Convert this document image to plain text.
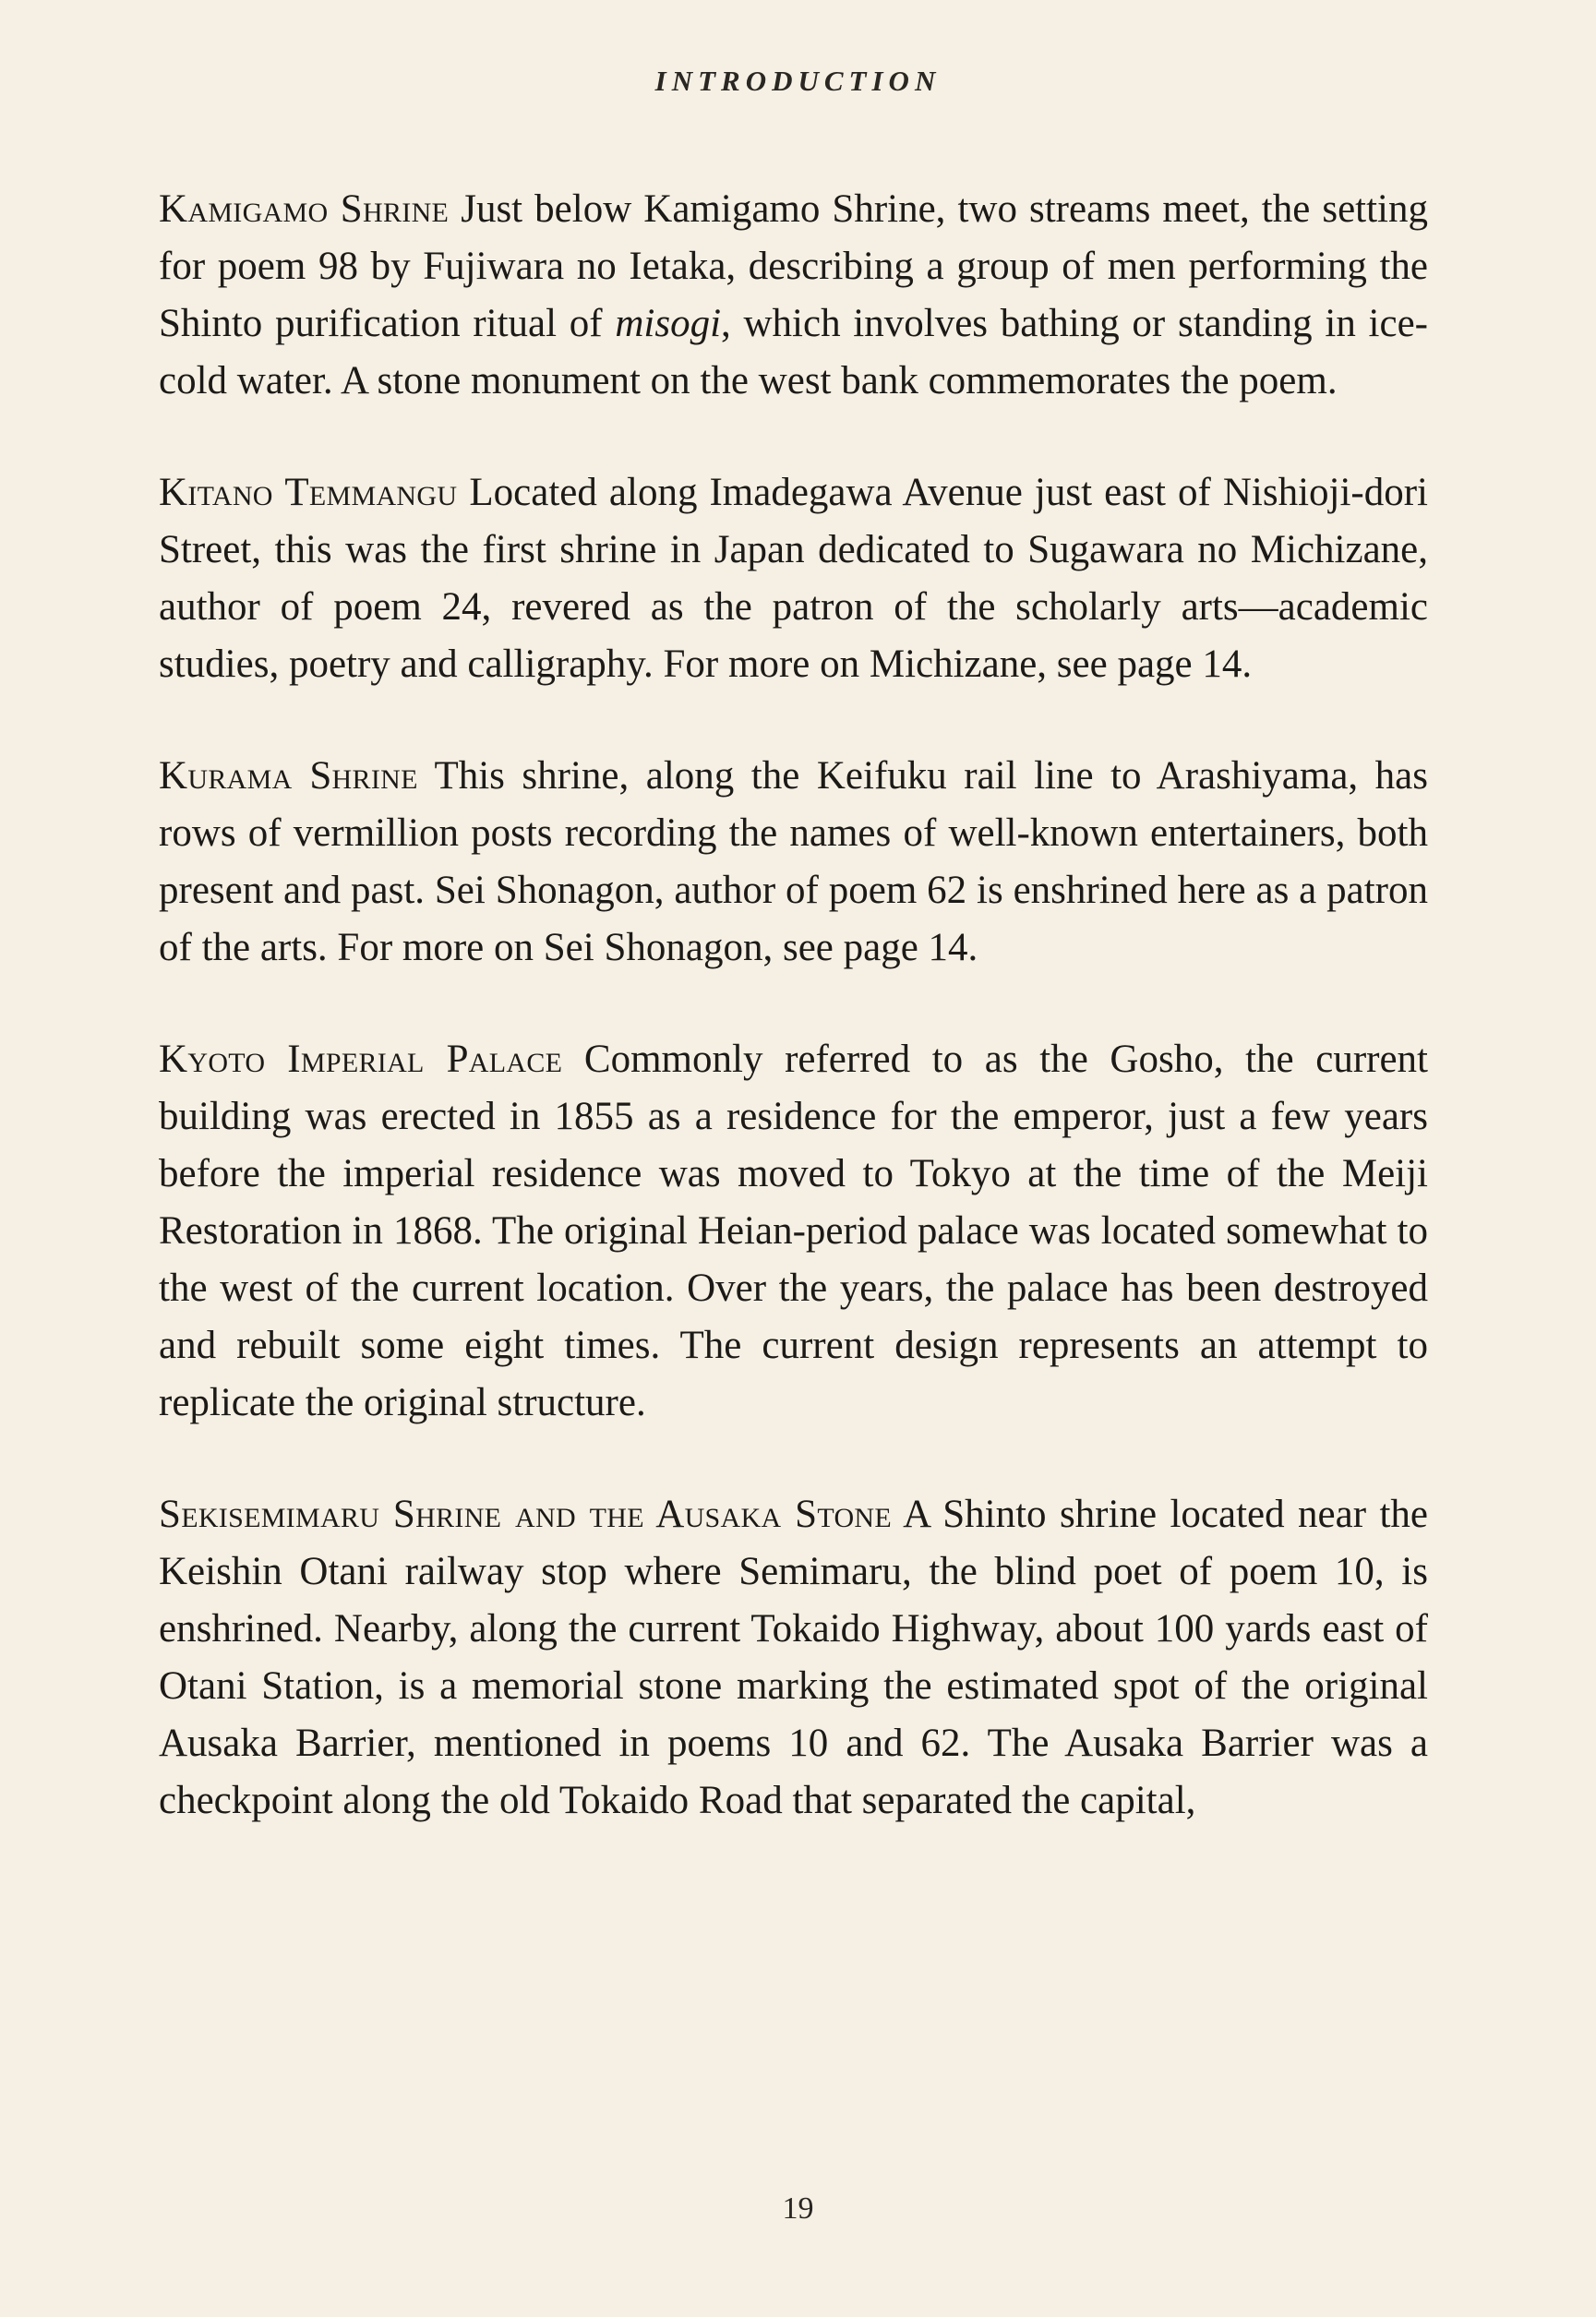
INTRODUCTION

Kamigamo Shrine Just below Kamigamo Shrine, two streams meet, the setting for poem 98 by Fujiwara no Ietaka, describing a group of men performing the Shinto purification ritual of misogi, which involves bathing or standing in ice-cold water. A stone monument on the west bank commemorates the poem.

Kitano Temmangu Located along Imadegawa Avenue just east of Nishioji-dori Street, this was the first shrine in Japan dedicated to Sugawara no Michizane, author of poem 24, revered as the patron of the scholarly arts—academic studies, poetry and calligraphy. For more on Michizane, see page 14.

Kurama Shrine This shrine, along the Keifuku rail line to Arashiyama, has rows of vermillion posts recording the names of well-known entertainers, both present and past. Sei Shonagon, author of poem 62 is enshrined here as a patron of the arts. For more on Sei Shonagon, see page 14.

Kyoto Imperial Palace Commonly referred to as the Gosho, the current building was erected in 1855 as a residence for the emperor, just a few years before the imperial residence was moved to Tokyo at the time of the Meiji Restoration in 1868. The original Heian-period palace was located somewhat to the west of the current location. Over the years, the palace has been destroyed and rebuilt some eight times. The current design represents an attempt to replicate the original structure.

Sekisemimaru Shrine and the Ausaka Stone A Shinto shrine located near the Keishin Otani railway stop where Semimaru, the blind poet of poem 10, is enshrined. Nearby, along the current Tokaido Highway, about 100 yards east of Otani Station, is a memorial stone marking the estimated spot of the original Ausaka Barrier, mentioned in poems 10 and 62. The Ausaka Barrier was a checkpoint along the old Tokaido Road that separated the capital,

19
